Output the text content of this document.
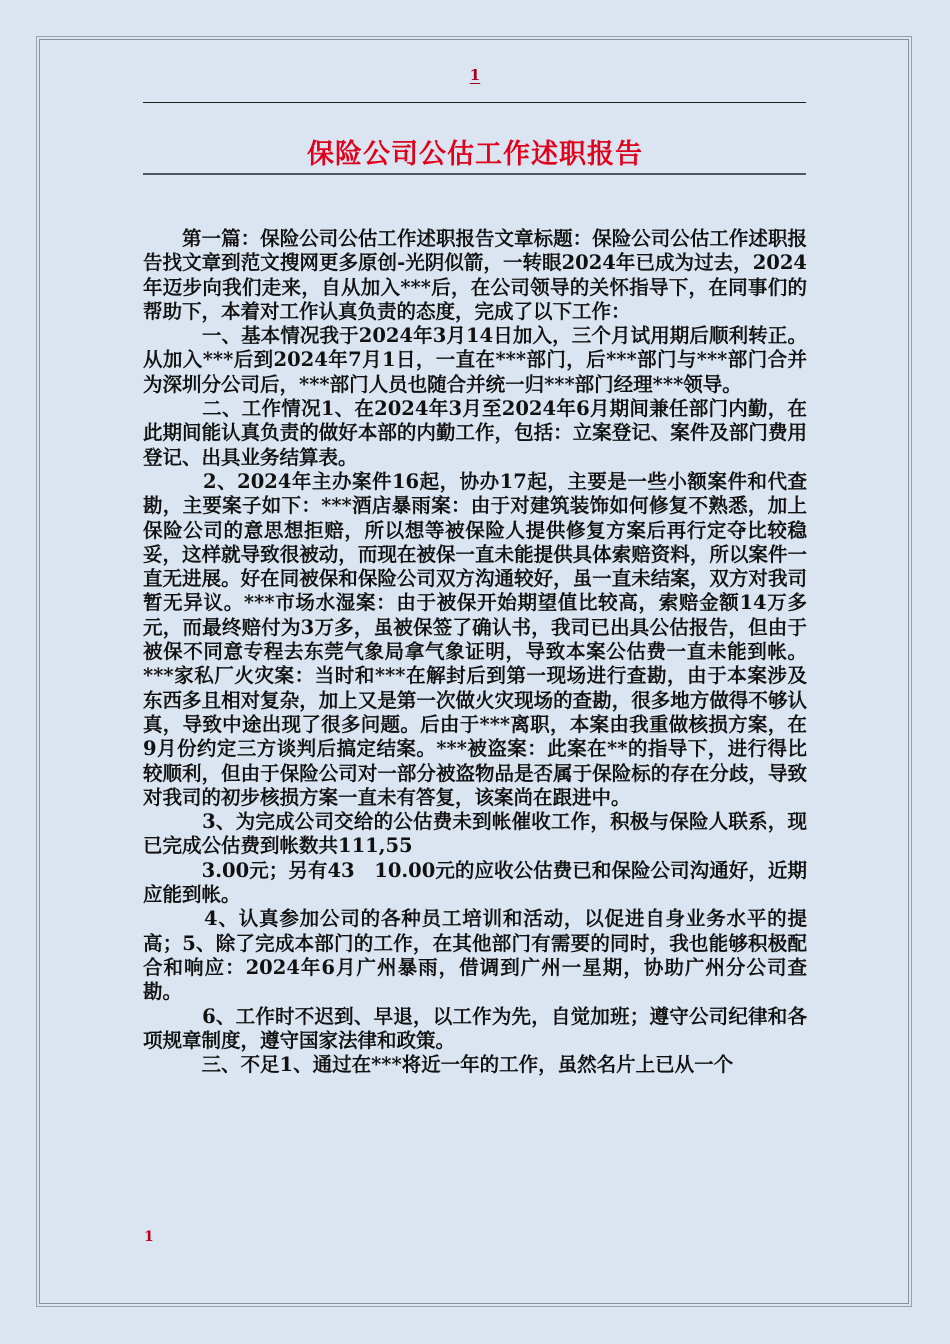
1
保险公司公估工作述职报告

　　第一篇：保险公司公估工作述职报告文章标题：保险公司公估工作述职报告找文章到范文搜网更多原创-光阴似箭，一转眼2024年已成为过去，2024年迈步向我们走来，自从加入***后，在公司领导的关怀指导下，在同事们的帮助下，本着对工作认真负责的态度，完成了以下工作：

　　　一、基本情况我于2024年3月14日加入，三个月试用期后顺利转正。从加入***后到2024年7月1日，一直在***部门，后***部门与***部门合并为深圳分公司后，***部门人员也随合并统一归***部门经理***领导。

　　　二、工作情况1、在2024年3月至2024年6月期间兼任部门内勤，在此期间能认真负责的做好本部的内勤工作，包括：立案登记、案件及部门费用登记、出具业务结算表。

　　　2、2024年主办案件16起，协办17起，主要是一些小额案件和代查勘，主要案子如下：***酒店暴雨案：由于对建筑装饰如何修复不熟悉，加上保险公司的意思想拒赔，所以想等被保险人提供修复方案后再行定夺比较稳妥，这样就导致很被动，而现在被保一直未能提供具体索赔资料，所以案件一直无进展。好在同被保和保险公司双方沟通较好，虽一直未结案，双方对我司暂无异议。***市场水湿案：由于被保开始期望值比较高，索赔金额14万多元，而最终赔付为3万多，虽被保签了确认书，我司已出具公估报告，但由于被保不同意专程去东莞气象局拿气象证明，导致本案公估费一直未能到帐。***家私厂火灾案：当时和***在解封后到第一现场进行查勘，由于本案涉及东西多且相对复杂，加上又是第一次做火灾现场的查勘，很多地方做得不够认真，导致中途出现了很多问题。后由于***离职，本案由我重做核损方案，在9月份约定三方谈判后搞定结案。***被盗案：此案在**的指导下，进行得比较顺利，但由于保险公司对一部分被盗物品是否属于保险标的存在分歧，导致对我司的初步核损方案一直未有答复，该案尚在跟进中。

　　　3、为完成公司交给的公估费未到帐催收工作，积极与保险人联系，现已完成公估费到帐数共111,55

　　　3.00元；另有43　10.00元的应收公估费已和保险公司沟通好，近期应能到帐。

　　　4、认真参加公司的各种员工培训和活动，以促进自身业务水平的提高；5、除了完成本部门的工作，在其他部门有需要的同时，我也能够积极配合和响应：2024年6月广州暴雨，借调到广州一星期，协助广州分公司查勘。

　　　6、工作时不迟到、早退，以工作为先，自觉加班；遵守公司纪律和各项规章制度，遵守国家法律和政策。

　　　三、不足1、通过在***将近一年的工作，虽然名片上已从一个

1
